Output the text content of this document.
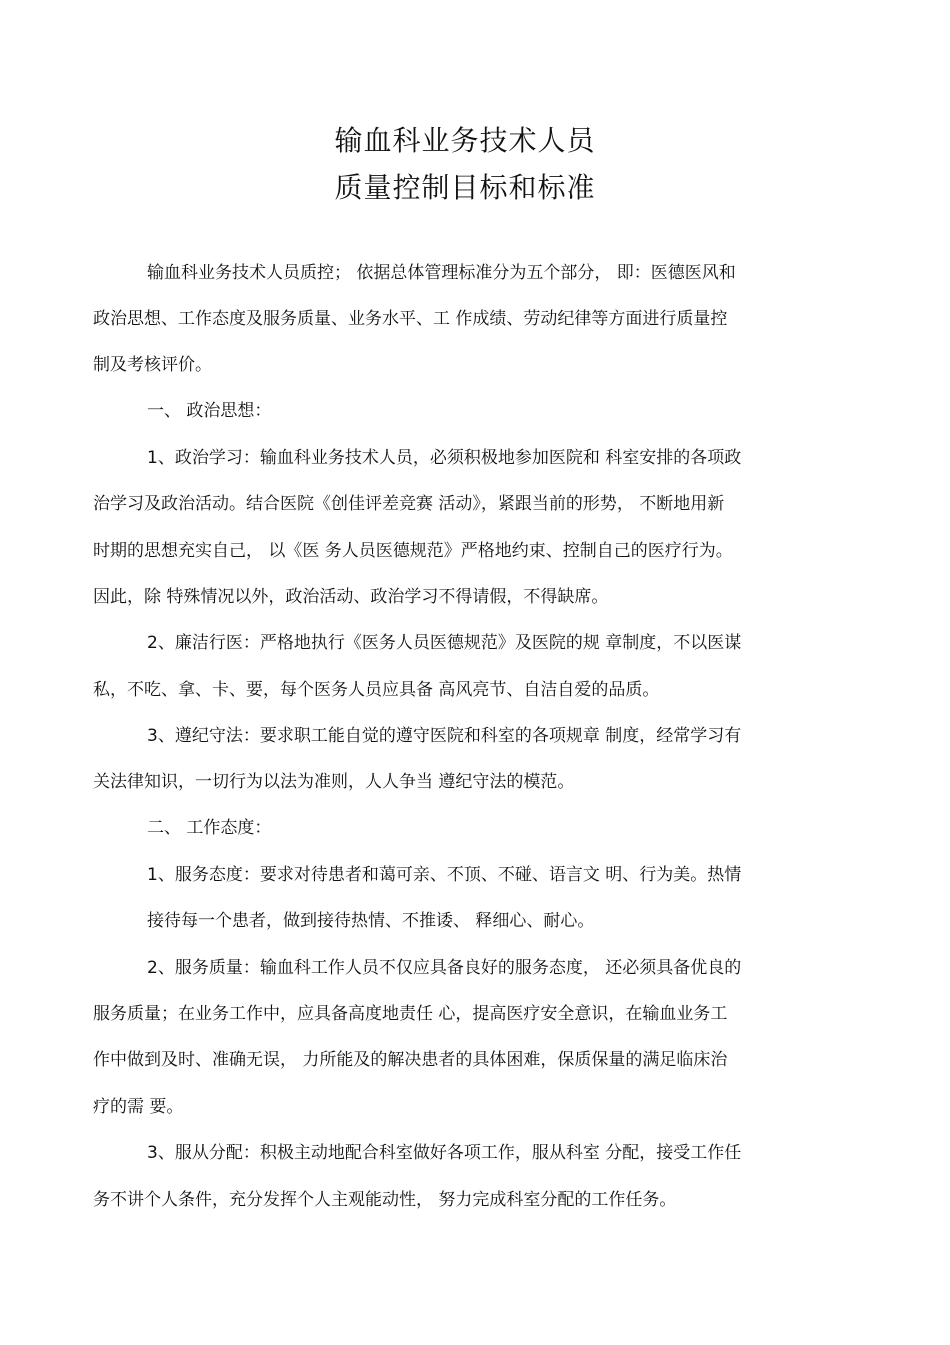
输血科业务技术人员
质量控制目标和标准
输血科业务技术人员质控； 依据总体管理标准分为五个部分， 即：医德医风和
政治思想、工作态度及服务质量、业务水平、工 作成绩、劳动纪律等方面进行质量控
制及考核评价。
一、 政治思想：
1、政治学习：输血科业务技术人员，必须积极地参加医院和 科室安排的各项政
治学习及政治活动。结合医院《创佳评差竞赛 活动》，紧跟当前的形势， 不断地用新
时期的思想充实自己， 以《医 务人员医德规范》严格地约束、控制自己的医疗行为。
因此，除 特殊情况以外，政治活动、政治学习不得请假，不得缺席。
2、廉洁行医：严格地执行《医务人员医德规范》及医院的规 章制度，不以医谋
私，不吃、拿、卡、要，每个医务人员应具备 高风亮节、自洁自爱的品质。
3、遵纪守法：要求职工能自觉的遵守医院和科室的各项规章 制度，经常学习有
关法律知识，一切行为以法为准则，人人争当 遵纪守法的模范。
二、 工作态度：
1、服务态度：要求对待患者和蔼可亲、不顶、不碰、语言文 明、行为美。热情
接待每一个患者，做到接待热情、不推诿、 释细心、耐心。
2、服务质量：输血科工作人员不仅应具备良好的服务态度， 还必须具备优良的
服务质量；在业务工作中，应具备高度地责任 心，提高医疗安全意识，在输血业务工
作中做到及时、准确无误， 力所能及的解决患者的具体困难，保质保量的满足临床治
疗的需 要。
3、服从分配：积极主动地配合科室做好各项工作，服从科室 分配，接受工作任
务不讲个人条件，充分发挥个人主观能动性， 努力完成科室分配的工作任务。
